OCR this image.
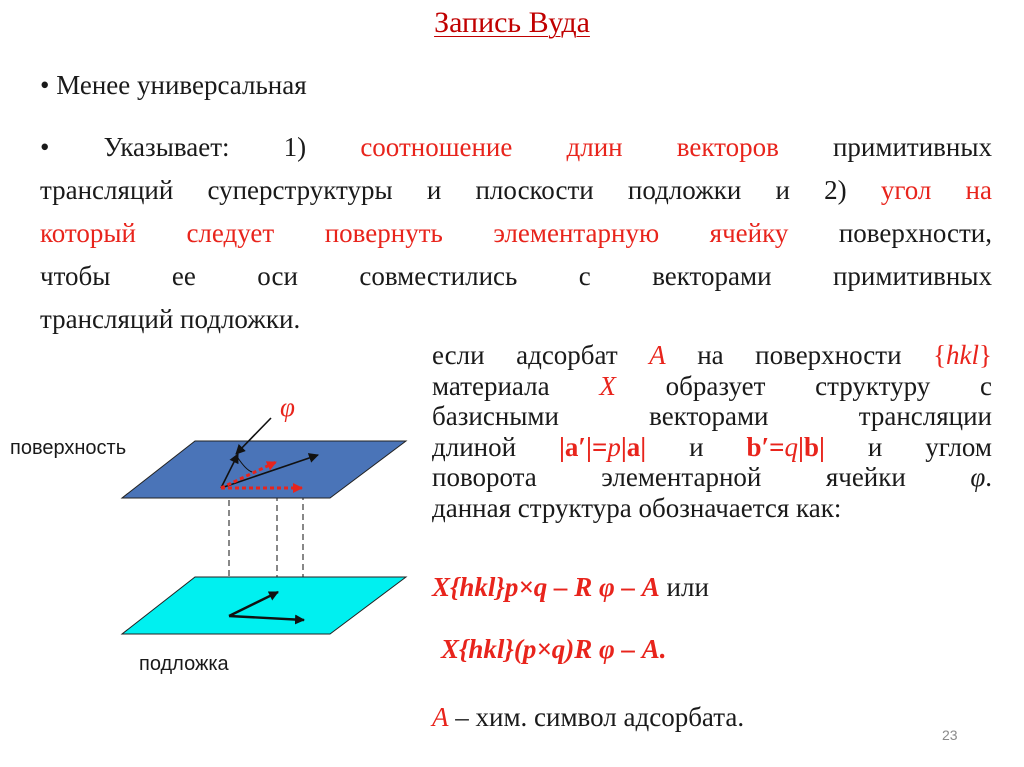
Запись Вуда
• Менее универсальная
• Указывает: 1) соотношение длин векторов примитивных
трансляций суперструктуры и плоскости подложки и 2) угол на
который следует повернуть элементарную ячейку поверхности,
чтобы ее оси совместились с векторами примитивных
трансляций подложки.
если адсорбат A на поверхности {hkl}
материала X образует структуру с
базисными векторами трансляции
длиной |a′|=p|a| и b′=q|b| и углом
поворота элементарной ячейки φ.
данная структура обозначается как:
X{hkl}p×q – R φ – A или
X{hkl}(p×q)R φ – A.
A – хим. символ адсорбата.
φ
поверхность
подложка
23
